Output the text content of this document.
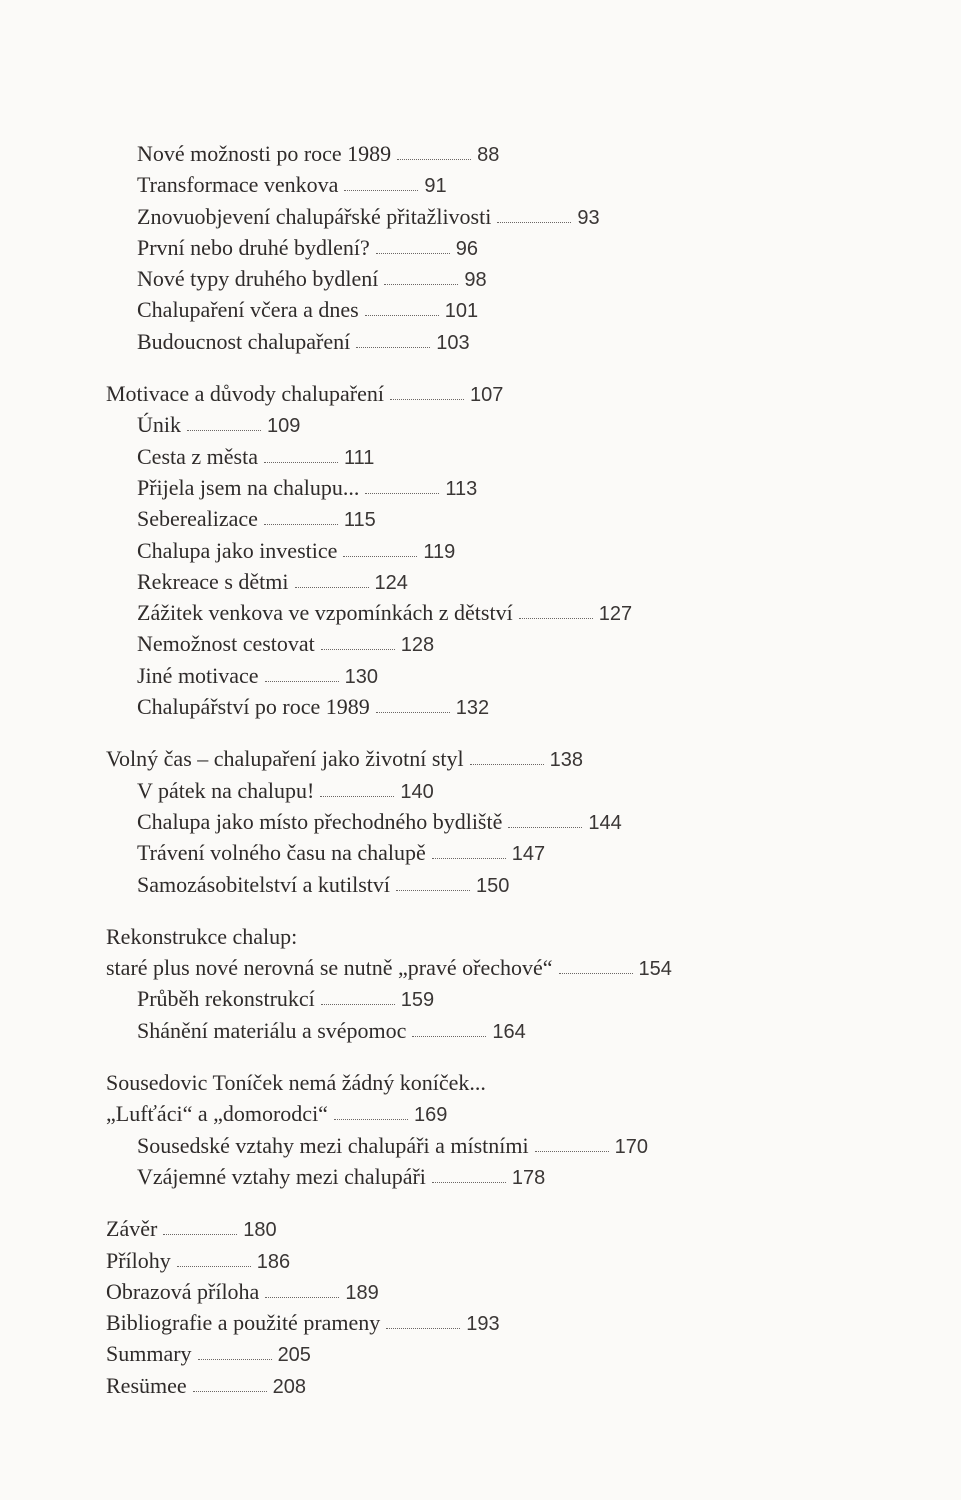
Nové možnosti po roce 1989	88
Transformace venkova	91
Znovuobjevení chalupářské přitažlivosti	93
První nebo druhé bydlení?	96
Nové typy druhého bydlení	98
Chalupaření včera a dnes	101
Budoucnost chalupaření	103
Motivace a důvody chalupaření	107
Únik	109
Cesta z města	111
Přijela jsem na chalupu...	113
Seberealizace	115
Chalupa jako investice	119
Rekreace s dětmi	124
Zážitek venkova ve vzpomínkách z dětství	127
Nemožnost cestovat	128
Jiné motivace	130
Chalupářství po roce 1989	132
Volný čas – chalupaření jako životní styl	138
V pátek na chalupu!	140
Chalupa jako místo přechodného bydliště	144
Trávení volného času na chalupě	147
Samozásobitelství a kutilství	150
Rekonstrukce chalup:
staré plus nové nerovná se nutně „pravé ořechové“	154
Průběh rekonstrukcí	159
Shánění materiálu a svépomoc	164
Sousedovic Toníček nemá žádný koníček...
„Lufťáci“ a „domorodci“	169
Sousedské vztahy mezi chalupáři a místními	170
Vzájemné vztahy mezi chalupáři	178
Závěr	180
Přílohy	186
Obrazová příloha	189
Bibliografie a použité prameny	193
Summary	205
Resümee	208
